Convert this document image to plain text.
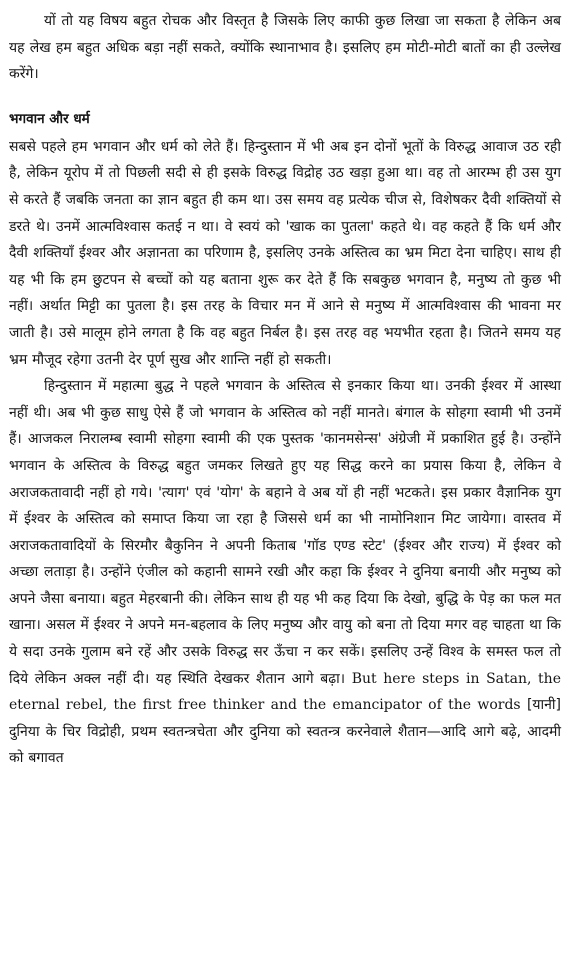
यों तो यह विषय बहुत रोचक और विस्तृत है जिसके लिए काफी कुछ लिखा जा सकता है लेकिन अब यह लेख हम बहुत अधिक बड़ा नहीं सकते, क्योंकि स्थानाभाव है। इसलिए हम मोटी-मोटी बातों का ही उल्लेख करेंगे।

भगवान और धर्म

सबसे पहले हम भगवान और धर्म को लेते हैं। हिन्दुस्तान में भी अब इन दोनों भूतों के विरुद्ध आवाज उठ रही है, लेकिन यूरोप में तो पिछली सदी से ही इसके विरुद्ध विद्रोह उठ खड़ा हुआ था। वह तो आरम्भ ही उस युग से करते हैं जबकि जनता का ज्ञान बहुत ही कम था। उस समय वह प्रत्येक चीज से, विशेषकर दैवी शक्तियों से डरते थे। उनमें आत्मविश्वास कतई न था। वे स्वयं को 'खाक का पुतला' कहते थे। वह कहते हैं कि धर्म और दैवी शक्तियाँ ईश्वर और अज्ञानता का परिणाम है, इसलिए उनके अस्तित्व का भ्रम मिटा देना चाहिए। साथ ही यह भी कि हम छुटपन से बच्चों को यह बताना शुरू कर देते हैं कि सबकुछ भगवान है, मनुष्य तो कुछ भी नहीं। अर्थात मिट्टी का पुतला है। इस तरह के विचार मन में आने से मनुष्य में आत्मविश्वास की भावना मर जाती है। उसे मालूम होने लगता है कि वह बहुत निर्बल है। इस तरह वह भयभीत रहता है। जितने समय यह भ्रम मौजूद रहेगा उतनी देर पूर्ण सुख और शान्ति नहीं हो सकती।

हिन्दुस्तान में महात्मा बुद्ध ने पहले भगवान के अस्तित्व से इनकार किया था। उनकी ईश्वर में आस्था नहीं थी। अब भी कुछ साधु ऐसे हैं जो भगवान के अस्तित्व को नहीं मानते। बंगाल के सोहगा स्वामी भी उनमें हैं। आजकल निरालम्ब स्वामी सोहगा स्वामी की एक पुस्तक 'कानमसेन्स' अंग्रेजी में प्रकाशित हुई है। उन्होंने भगवान के अस्तित्व के विरुद्ध बहुत जमकर लिखते हुए यह सिद्ध करने का प्रयास किया है, लेकिन वे अराजकतावादी नहीं हो गये। 'त्याग' एवं 'योग' के बहाने वे अब यों ही नहीं भटकते। इस प्रकार वैज्ञानिक युग में ईश्वर के अस्तित्व को समाप्त किया जा रहा है जिससे धर्म का भी नामोनिशान मिट जायेगा। वास्तव में अराजकतावादियों के सिरमौर बैकुनिन ने अपनी किताब 'गॉड एण्ड स्टेट' (ईश्वर और राज्य) में ईश्वर को अच्छा लताड़ा है। उन्होंने एंजील को कहानी सामने रखी और कहा कि ईश्वर ने दुनिया बनायी और मनुष्य को अपने जैसा बनाया। बहुत मेहरबानी की। लेकिन साथ ही यह भी कह दिया कि देखो, बुद्धि के पेड़ का फल मत खाना। असल में ईश्वर ने अपने मन-बहलाव के लिए मनुष्य और वायु को बना तो दिया मगर वह चाहता था कि ये सदा उनके गुलाम बने रहें और उसके विरुद्ध सर ऊँचा न कर सकें। इसलिए उन्हें विश्व के समस्त फल तो दिये लेकिन अक्ल नहीं दी। यह स्थिति देखकर शैतान आगे बढ़ा। But here steps in Satan, the eternal rebel, the first free thinker and the emancipator of the words [यानी] दुनिया के चिर विद्रोही, प्रथम स्वतन्त्रचेता और दुनिया को स्वतन्त्र करनेवाले शैतान—आदि आगे बढ़े, आदमी को बगावत
